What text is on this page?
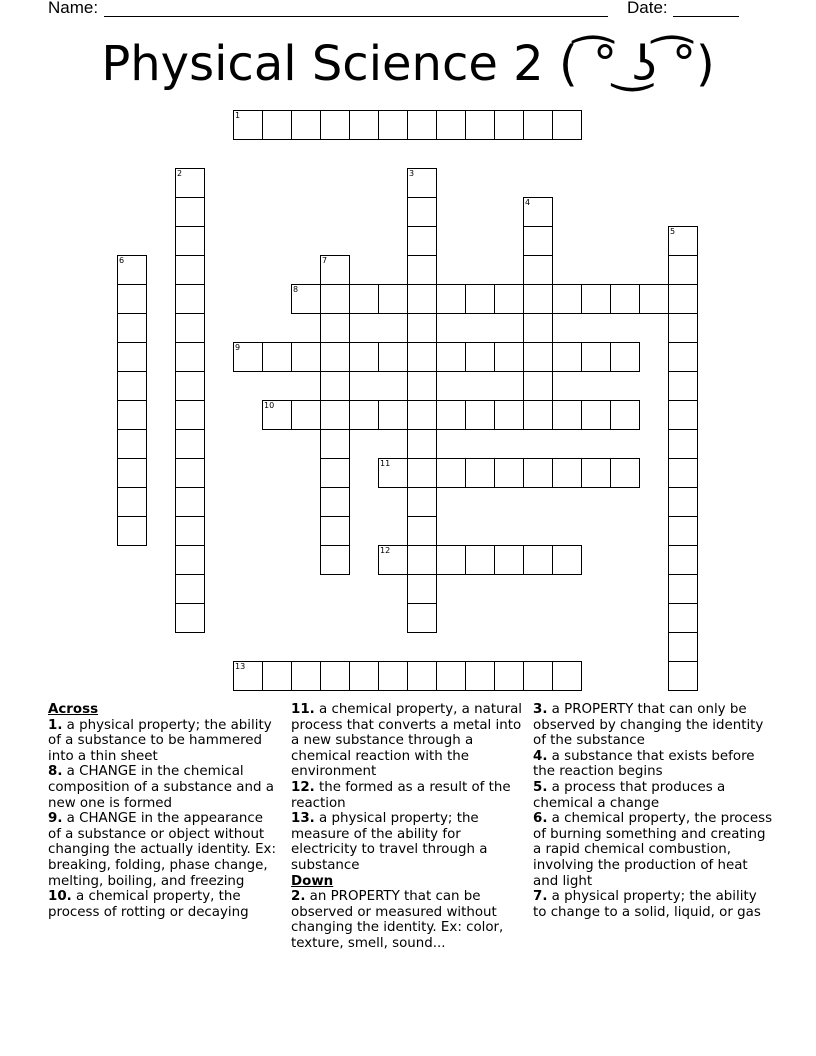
Name:	Date:
Physical Science 2 ( ͡° ͜ʖ ͡°)
1
2	3
4
5
6	7
8
9
10
11
12
13
Across
1. a physical property; the ability of a substance to be hammered into a thin sheet
8. a CHANGE in the chemical composition of a substance and a new one is formed
9. a CHANGE in the appearance of a substance or object without changing the actually identity. Ex: breaking, folding, phase change, melting, boiling, and freezing
10. a chemical property, the process of rotting or decaying
11. a chemical property, a natural process that converts a metal into a new substance through a chemical reaction with the environment
12. the formed as a result of the reaction
13. a physical property; the measure of the ability for electricity to travel through a substance
Down
2. an PROPERTY that can be observed or measured without changing the identity. Ex: color, texture, smell, sound...
3. a PROPERTY that can only be observed by changing the identity of the substance
4. a substance that exists before the reaction begins
5. a process that produces a chemical a change
6. a chemical property, the process of burning something and creating a rapid chemical combustion, involving the production of heat and light
7. a physical property; the ability to change to a solid, liquid, or gas
